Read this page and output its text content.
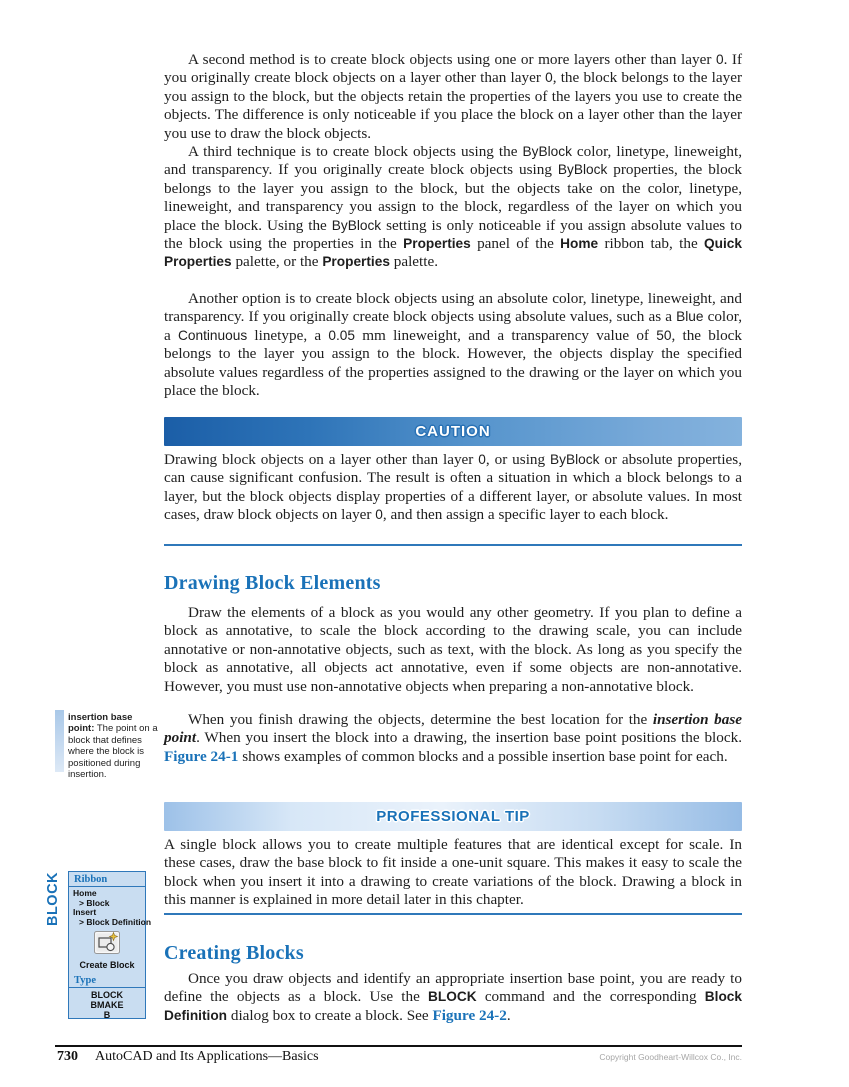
A second method is to create block objects using one or more layers other than layer 0. If you originally create block objects on a layer other than layer 0, the block belongs to the layer you assign to the block, but the objects retain the properties of the layers you use to create the objects. The difference is only noticeable if you place the block on a layer other than the layer you use to draw the block objects.

A third technique is to create block objects using the ByBlock color, linetype, lineweight, and transparency. If you originally create block objects using ByBlock properties, the block belongs to the layer you assign to the block, but the objects take on the color, linetype, lineweight, and transparency you assign to the block, regardless of the layer on which you place the block. Using the ByBlock setting is only noticeable if you assign absolute values to the block using the properties in the Properties panel of the Home ribbon tab, the Quick Properties palette, or the Properties palette.

Another option is to create block objects using an absolute color, linetype, lineweight, and transparency. If you originally create block objects using absolute values, such as a Blue color, a Continuous linetype, a 0.05 mm lineweight, and a transparency value of 50, the block belongs to the layer you assign to the block. However, the objects display the specified absolute values regardless of the properties assigned to the drawing or the layer on which you place the block.

CAUTION

Drawing block objects on a layer other than layer 0, or using ByBlock or absolute properties, can cause significant confusion. The result is often a situation in which a block belongs to a layer, but the block objects display properties of a different layer, or absolute values. In most cases, draw block objects on layer 0, and then assign a specific layer to each block.

Drawing Block Elements

Draw the elements of a block as you would any other geometry. If you plan to define a block as annotative, to scale the block according to the drawing scale, you can include annotative or non-annotative objects, such as text, with the block. As long as you specify the block as annotative, all objects act annotative, even if some objects are non-annotative. However, you must use non-annotative objects when preparing a non-annotative block.

When you finish drawing the objects, determine the best location for the insertion base point. When you insert the block into a drawing, the insertion base point positions the block. Figure 24-1 shows examples of common blocks and a possible insertion base point for each.

PROFESSIONAL TIP

A single block allows you to create multiple features that are identical except for scale. In these cases, draw the base block to fit inside a one-unit square. This makes it easy to scale the block when you insert it into a drawing to create variations of the block. Drawing a block in this manner is explained in more detail later in this chapter.

Creating Blocks

Once you draw objects and identify an appropriate insertion base point, you are ready to define the objects as a block. Use the BLOCK command and the corresponding Block Definition dialog box to create a block. See Figure 24-2.

insertion base point: The point on a block that defines where the block is positioned during insertion.
BLOCK	Ribbon
Home
> Block
Insert
> Block Definition
Create Block
Type
BLOCK
BMAKE
B
730 AutoCAD and Its Applications—Basics	Copyright Goodheart-Willcox Co., Inc.
